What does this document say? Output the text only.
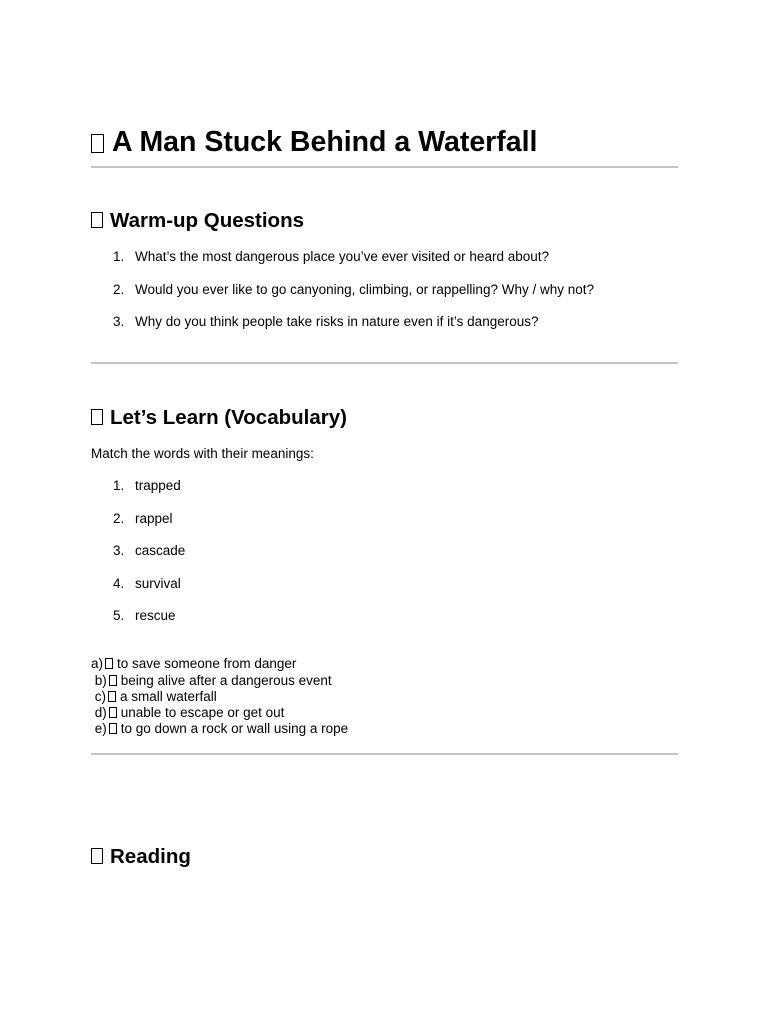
A Man Stuck Behind a Waterfall
Warm-up Questions
1. What’s the most dangerous place you’ve ever visited or heard about?
2. Would you ever like to go canyoning, climbing, or rappelling? Why / why not?
3. Why do you think people take risks in nature even if it’s dangerous?
Let’s Learn (Vocabulary)
Match the words with their meanings:
1. trapped
2. rappel
3. cascade
4. survival
5. rescue
a) to save someone from danger
b) being alive after a dangerous event
c) a small waterfall
d) unable to escape or get out
e) to go down a rock or wall using a rope
Reading
